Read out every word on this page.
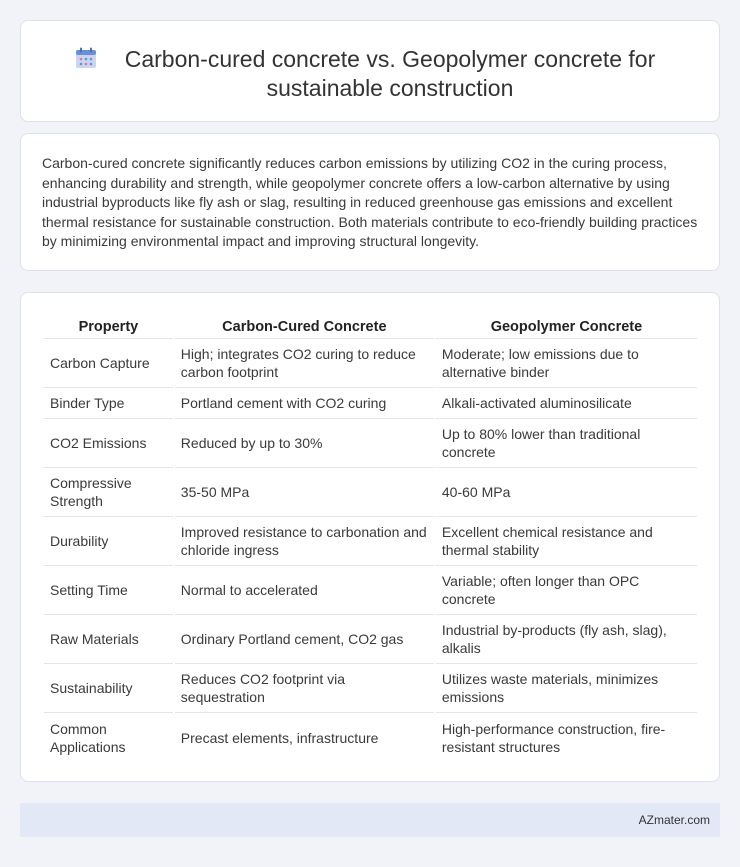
Carbon-cured concrete vs. Geopolymer concrete for sustainable construction

Carbon-cured concrete significantly reduces carbon emissions by utilizing CO2 in the curing process, enhancing durability and strength, while geopolymer concrete offers a low-carbon alternative by using industrial byproducts like fly ash or slag, resulting in reduced greenhouse gas emissions and excellent thermal resistance for sustainable construction. Both materials contribute to eco-friendly building practices by minimizing environmental impact and improving structural longevity.

Property	Carbon-Cured Concrete	Geopolymer Concrete
Carbon Capture	High; integrates CO2 curing to reduce carbon footprint	Moderate; low emissions due to alternative binder
Binder Type	Portland cement with CO2 curing	Alkali-activated aluminosilicate
CO2 Emissions	Reduced by up to 30%	Up to 80% lower than traditional concrete
Compressive Strength	35-50 MPa	40-60 MPa
Durability	Improved resistance to carbonation and chloride ingress	Excellent chemical resistance and thermal stability
Setting Time	Normal to accelerated	Variable; often longer than OPC concrete
Raw Materials	Ordinary Portland cement, CO2 gas	Industrial by-products (fly ash, slag), alkalis
Sustainability	Reduces CO2 footprint via sequestration	Utilizes waste materials, minimizes emissions
Common Applications	Precast elements, infrastructure	High-performance construction, fire-resistant structures
AZmater.com
